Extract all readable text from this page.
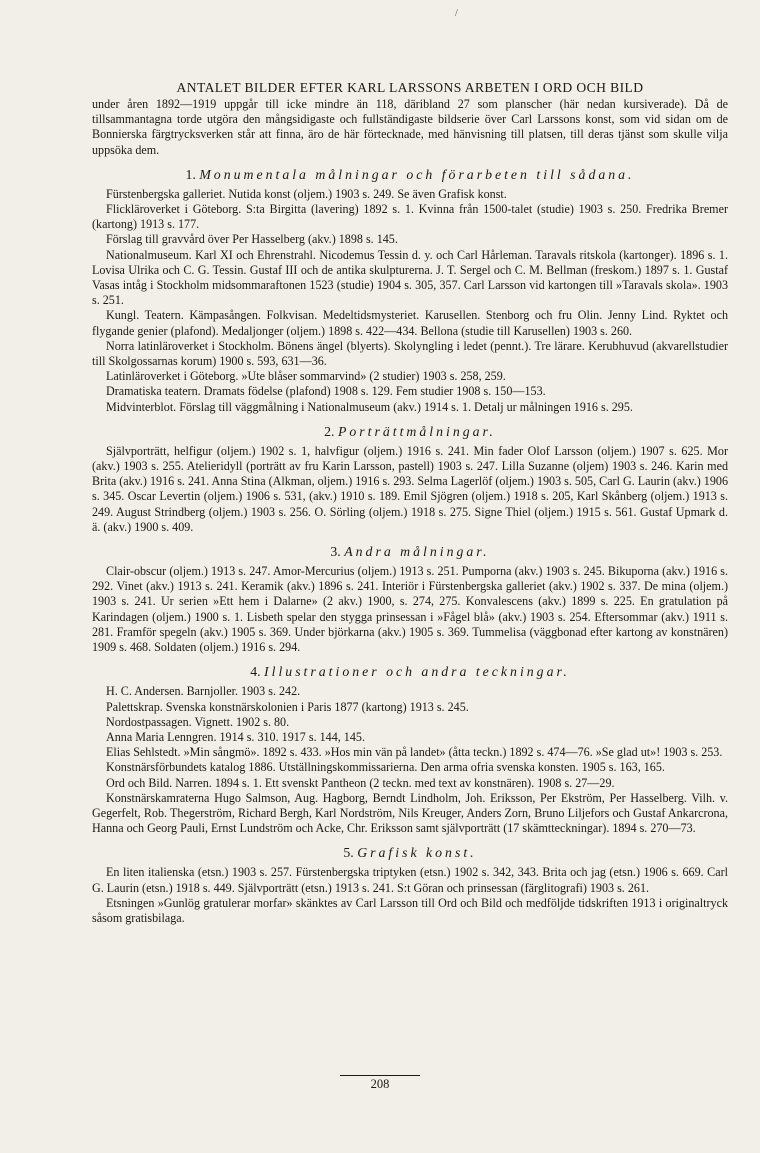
/
ANTALET BILDER EFTER KARL LARSSONS ARBETEN I ORD OCH BILD

under åren 1892—1919 uppgår till icke mindre än 118, däribland 27 som planscher (här nedan kursiverade). Då de tillsammantagna torde utgöra den mångsidigaste och fullständigaste bildserie över Carl Larssons konst, som vid sidan om de Bonnierska färgtrycksverken står att finna, äro de här förtecknade, med hänvisning till platsen, till deras tjänst som skulle vilja uppsöka dem.

1. Monumentala målningar och förarbeten till sådana.

Fürstenbergska galleriet. Nutida konst (oljem.) 1903 s. 249. Se även Grafisk konst.

Flickläroverket i Göteborg. S:ta Birgitta (lavering) 1892 s. 1. Kvinna från 1500-talet (studie) 1903 s. 250. Fredrika Bremer (kartong) 1913 s. 177.

Förslag till gravvård över Per Hasselberg (akv.) 1898 s. 145.

Nationalmuseum. Karl XI och Ehrenstrahl. Nicodemus Tessin d. y. och Carl Hårleman. Taravals ritskola (kartonger). 1896 s. 1. Lovisa Ulrika och C. G. Tessin. Gustaf III och de antika skulpturerna. J. T. Sergel och C. M. Bellman (freskom.) 1897 s. 1. Gustaf Vasas intåg i Stockholm midsommaraftonen 1523 (studie) 1904 s. 305, 357. Carl Larsson vid kartongen till »Taravals skola». 1903 s. 251.

Kungl. Teatern. Kämpasången. Folkvisan. Medeltidsmysteriet. Karusellen. Stenborg och fru Olin. Jenny Lind. Ryktet och flygande genier (plafond). Medaljonger (oljem.) 1898 s. 422—434. Bellona (studie till Karusellen) 1903 s. 260.

Norra latinläroverket i Stockholm. Bönens ängel (blyerts). Skolyngling i ledet (pennt.). Tre lärare. Kerubhuvud (akvarellstudier till Skolgossarnas korum) 1900 s. 593, 631—36.

Latinläroverket i Göteborg. »Ute blåser sommarvind» (2 studier) 1903 s. 258, 259.

Dramatiska teatern. Dramats födelse (plafond) 1908 s. 129. Fem studier 1908 s. 150—153.

Midvinterblot. Förslag till väggmålning i Nationalmuseum (akv.) 1914 s. 1. Detalj ur målningen 1916 s. 295.

2. Porträttmålningar.

Självporträtt, helfigur (oljem.) 1902 s. 1, halvfigur (oljem.) 1916 s. 241. Min fader Olof Larsson (oljem.) 1907 s. 625. Mor (akv.) 1903 s. 255. Atelieridyll (porträtt av fru Karin Larsson, pastell) 1903 s. 247. Lilla Suzanne (oljem) 1903 s. 246. Karin med Brita (akv.) 1916 s. 241. Anna Stina (Alkman, oljem.) 1916 s. 293. Selma Lagerlöf (oljem.) 1903 s. 505, Carl G. Laurin (akv.) 1906 s. 345. Oscar Levertin (oljem.) 1906 s. 531, (akv.) 1910 s. 189. Emil Sjögren (oljem.) 1918 s. 205, Karl Skånberg (oljem.) 1913 s. 249. August Strindberg (oljem.) 1903 s. 256. O. Sörling (oljem.) 1918 s. 275. Signe Thiel (oljem.) 1915 s. 561. Gustaf Upmark d. ä. (akv.) 1900 s. 409.

3. Andra målningar.

Clair-obscur (oljem.) 1913 s. 247. Amor-Mercurius (oljem.) 1913 s. 251. Pumporna (akv.) 1903 s. 245. Bikuporna (akv.) 1916 s. 292. Vinet (akv.) 1913 s. 241. Keramik (akv.) 1896 s. 241. Interiör i Fürstenbergska galleriet (akv.) 1902 s. 337. De mina (oljem.) 1903 s. 241. Ur serien »Ett hem i Dalarne» (2 akv.) 1900, s. 274, 275. Konvalescens (akv.) 1899 s. 225. En gratulation på Karindagen (oljem.) 1900 s. 1. Lisbeth spelar den stygga prinsessan i »Fågel blå» (akv.) 1903 s. 254. Eftersommar (akv.) 1911 s. 281. Framför spegeln (akv.) 1905 s. 369. Under björkarna (akv.) 1905 s. 369. Tummelisa (väggbonad efter kartong av konstnären) 1909 s. 468. Soldaten (oljem.) 1916 s. 294.

4. Illustrationer och andra teckningar.

H. C. Andersen. Barnjoller. 1903 s. 242.

Palettskrap. Svenska konstnärskolonien i Paris 1877 (kartong) 1913 s. 245.

Nordostpassagen. Vignett. 1902 s. 80.

Anna Maria Lenngren. 1914 s. 310. 1917 s. 144, 145.

Elias Sehlstedt. »Min sångmö». 1892 s. 433. »Hos min vän på landet» (åtta teckn.) 1892 s. 474—76. »Se glad ut»! 1903 s. 253.

Konstnärsförbundets katalog 1886. Utställningskommissarierna. Den arma ofria svenska konsten. 1905 s. 163, 165.

Ord och Bild. Narren. 1894 s. 1. Ett svenskt Pantheon (2 teckn. med text av konstnären). 1908 s. 27—29.

Konstnärskamraterna Hugo Salmson, Aug. Hagborg, Berndt Lindholm, Joh. Eriksson, Per Ekström, Per Hasselberg. Vilh. v. Gegerfelt, Rob. Thegerström, Richard Bergh, Karl Nordström, Nils Kreuger, Anders Zorn, Bruno Liljefors och Gustaf Ankarcrona, Hanna och Georg Pauli, Ernst Lundström och Acke, Chr. Eriksson samt självporträtt (17 skämtteckningar). 1894 s. 270—73.

5. Grafisk konst.

En liten italienska (etsn.) 1903 s. 257. Fürstenbergska triptyken (etsn.) 1902 s. 342, 343. Brita och jag (etsn.) 1906 s. 669. Carl G. Laurin (etsn.) 1918 s. 449. Självporträtt (etsn.) 1913 s. 241. S:t Göran och prinsessan (färglitografi) 1903 s. 261.

Etsningen »Gunlög gratulerar morfar» skänktes av Carl Larsson till Ord och Bild och medföljde tidskriften 1913 i originaltryck såsom gratisbilaga.

208
